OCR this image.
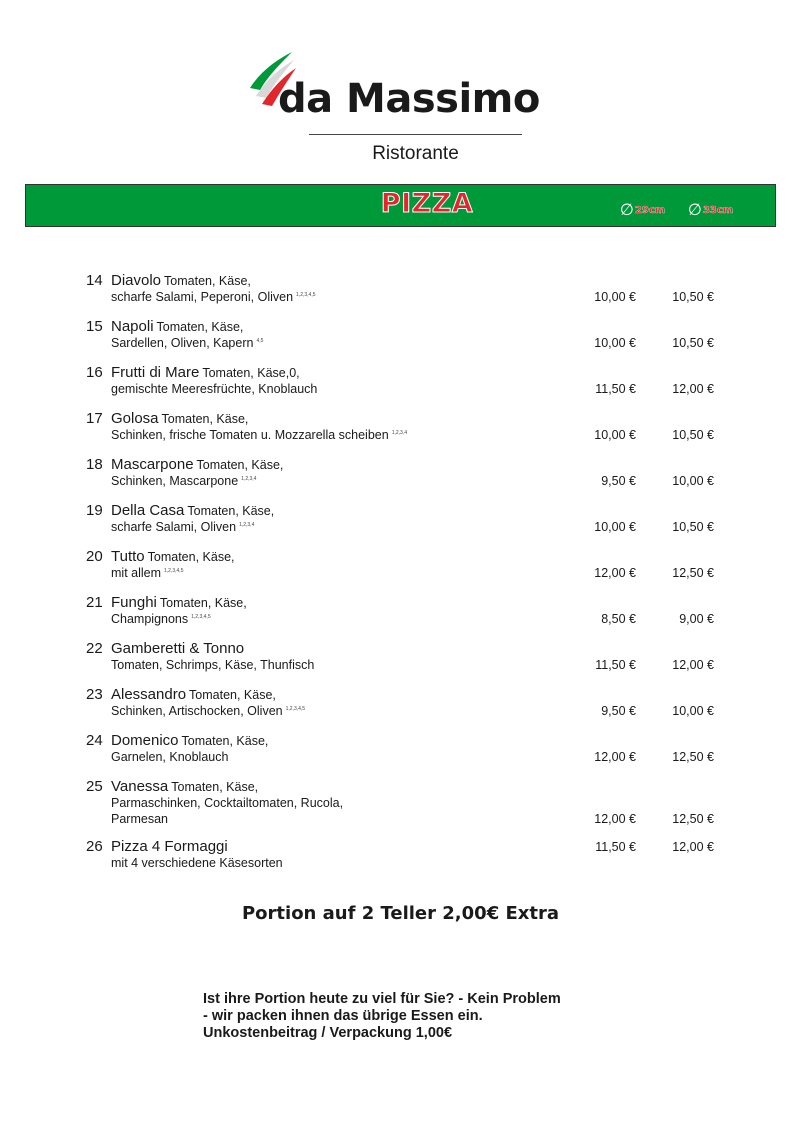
da Massimo
Ristorante
PIZZA	∅29cm ∅33cm
14 Diavolo Tomaten, Käse,
scharfe Salami, Peperoni, Oliven $^{1,2,3,4,5}$	10,00 €	10,50 €
15 Napoli Tomaten, Käse,
Sardellen, Oliven, Kapern $^{4,5}$	10,00 €	10,50 €
16 Frutti di Mare Tomaten, Käse,0,
gemischte Meeresfrüchte, Knoblauch	11,50 €	12,00 €
17 Golosa Tomaten, Käse,
Schinken, frische Tomaten u. Mozzarella scheiben $^{1,2,3,4}$	10,00 €	10,50 €
18 Mascarpone Tomaten, Käse,
Schinken, Mascarpone $^{1,2,3,4}$	9,50 €	10,00 €
19 Della Casa Tomaten, Käse,
scharfe Salami, Oliven $^{1,2,3,4}$	10,00 €	10,50 €
20 Tutto Tomaten, Käse,
mit allem $^{1,2,3,4,5}$	12,00 €	12,50 €
21 Funghi Tomaten, Käse,
Champignons $^{1,2,3,4,5}$	8,50 €	9,00 €
22 Gamberetti & Tonno
Tomaten, Schrimps, Käse, Thunfisch	11,50 €	12,00 €
23 Alessandro Tomaten, Käse,
Schinken, Artischocken, Oliven $^{1,2,3,4,5}$	9,50 €	10,00 €
24 Domenico Tomaten, Käse,
Garnelen, Knoblauch	12,00 €	12,50 €
25 Vanessa Tomaten, Käse,
Parmaschinken, Cocktailtomaten, Rucola,
Parmesan	12,00 €	12,50 €
26 Pizza 4 Formaggi
mit 4 verschiedene Käsesorten
11,50 €	12,00 €
Portion auf 2 Teller 2,00€ Extra
Ist ihre Portion heute zu viel für Sie? - Kein Problem
- wir packen ihnen das übrige Essen ein.
Unkostenbeitrag / Verpackung 1,00€
